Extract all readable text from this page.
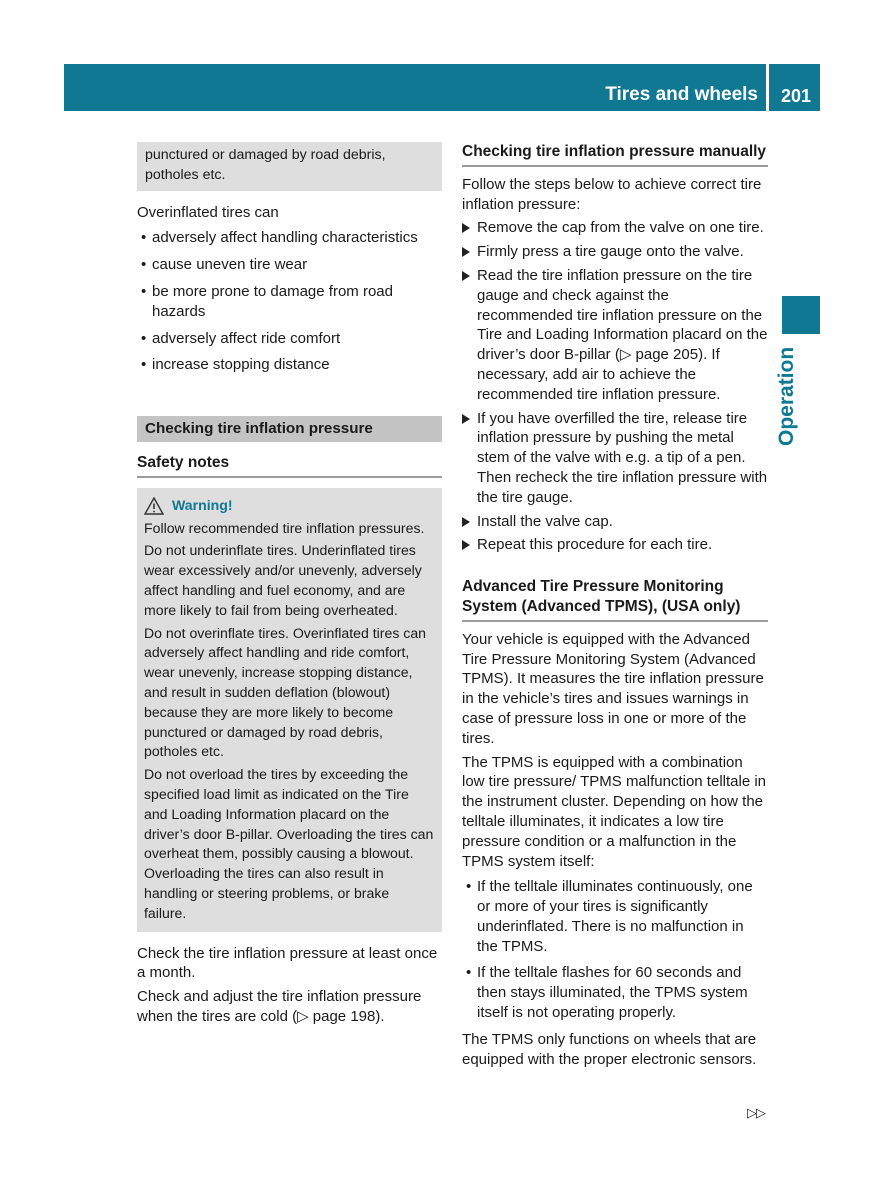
Tires and wheels	201
Operation

punctured or damaged by road debris, potholes etc.

Overinflated tires can

• adversely affect handling characteristics
• cause uneven tire wear
• be more prone to damage from road hazards
• adversely affect ride comfort
• increase stopping distance
Checking tire inflation pressure
Safety notes
Warning!

Follow recommended tire inflation pressures.

Do not underinflate tires. Underinflated tires wear excessively and/or unevenly, adversely affect handling and fuel economy, and are more likely to fail from being overheated.

Do not overinflate tires. Overinflated tires can adversely affect handling and ride comfort, wear unevenly, increase stopping distance, and result in sudden deflation (blowout) because they are more likely to become punctured or damaged by road debris, potholes etc.

Do not overload the tires by exceeding the specified load limit as indicated on the Tire and Loading Information placard on the driver’s door B-pillar. Overloading the tires can overheat them, possibly causing a blowout. Overloading the tires can also result in handling or steering problems, or brake failure.

Check the tire inflation pressure at least once a month.

Check and adjust the tire inflation pressure when the tires are cold (▷ page 198).

Checking tire inflation pressure manually

Follow the steps below to achieve correct tire inflation pressure:

Remove the cap from the valve on one tire.
Firmly press a tire gauge onto the valve.
Read the tire inflation pressure on the tire gauge and check against the recommended tire inflation pressure on the Tire and Loading Information placard on the driver’s door B-pillar (▷ page 205). If necessary, add air to achieve the recommended tire inflation pressure.
If you have overfilled the tire, release tire inflation pressure by pushing the metal stem of the valve with e.g. a tip of a pen. Then recheck the tire inflation pressure with the tire gauge.
Install the valve cap.
Repeat this procedure for each tire.
Advanced Tire Pressure Monitoring System (Advanced TPMS), (USA only)

Your vehicle is equipped with the Advanced Tire Pressure Monitoring System (Advanced TPMS). It measures the tire inflation pressure in the vehicle’s tires and issues warnings in case of pressure loss in one or more of the tires.

The TPMS is equipped with a combination low tire pressure/ TPMS malfunction telltale in the instrument cluster. Depending on how the telltale illuminates, it indicates a low tire pressure condition or a malfunction in the TPMS system itself:

• If the telltale illuminates continuously, one or more of your tires is significantly underinflated. There is no malfunction in the TPMS.
• If the telltale flashes for 60 seconds and then stays illuminated, the TPMS system itself is not operating properly.

The TPMS only functions on wheels that are equipped with the proper electronic sensors.

▷▷
